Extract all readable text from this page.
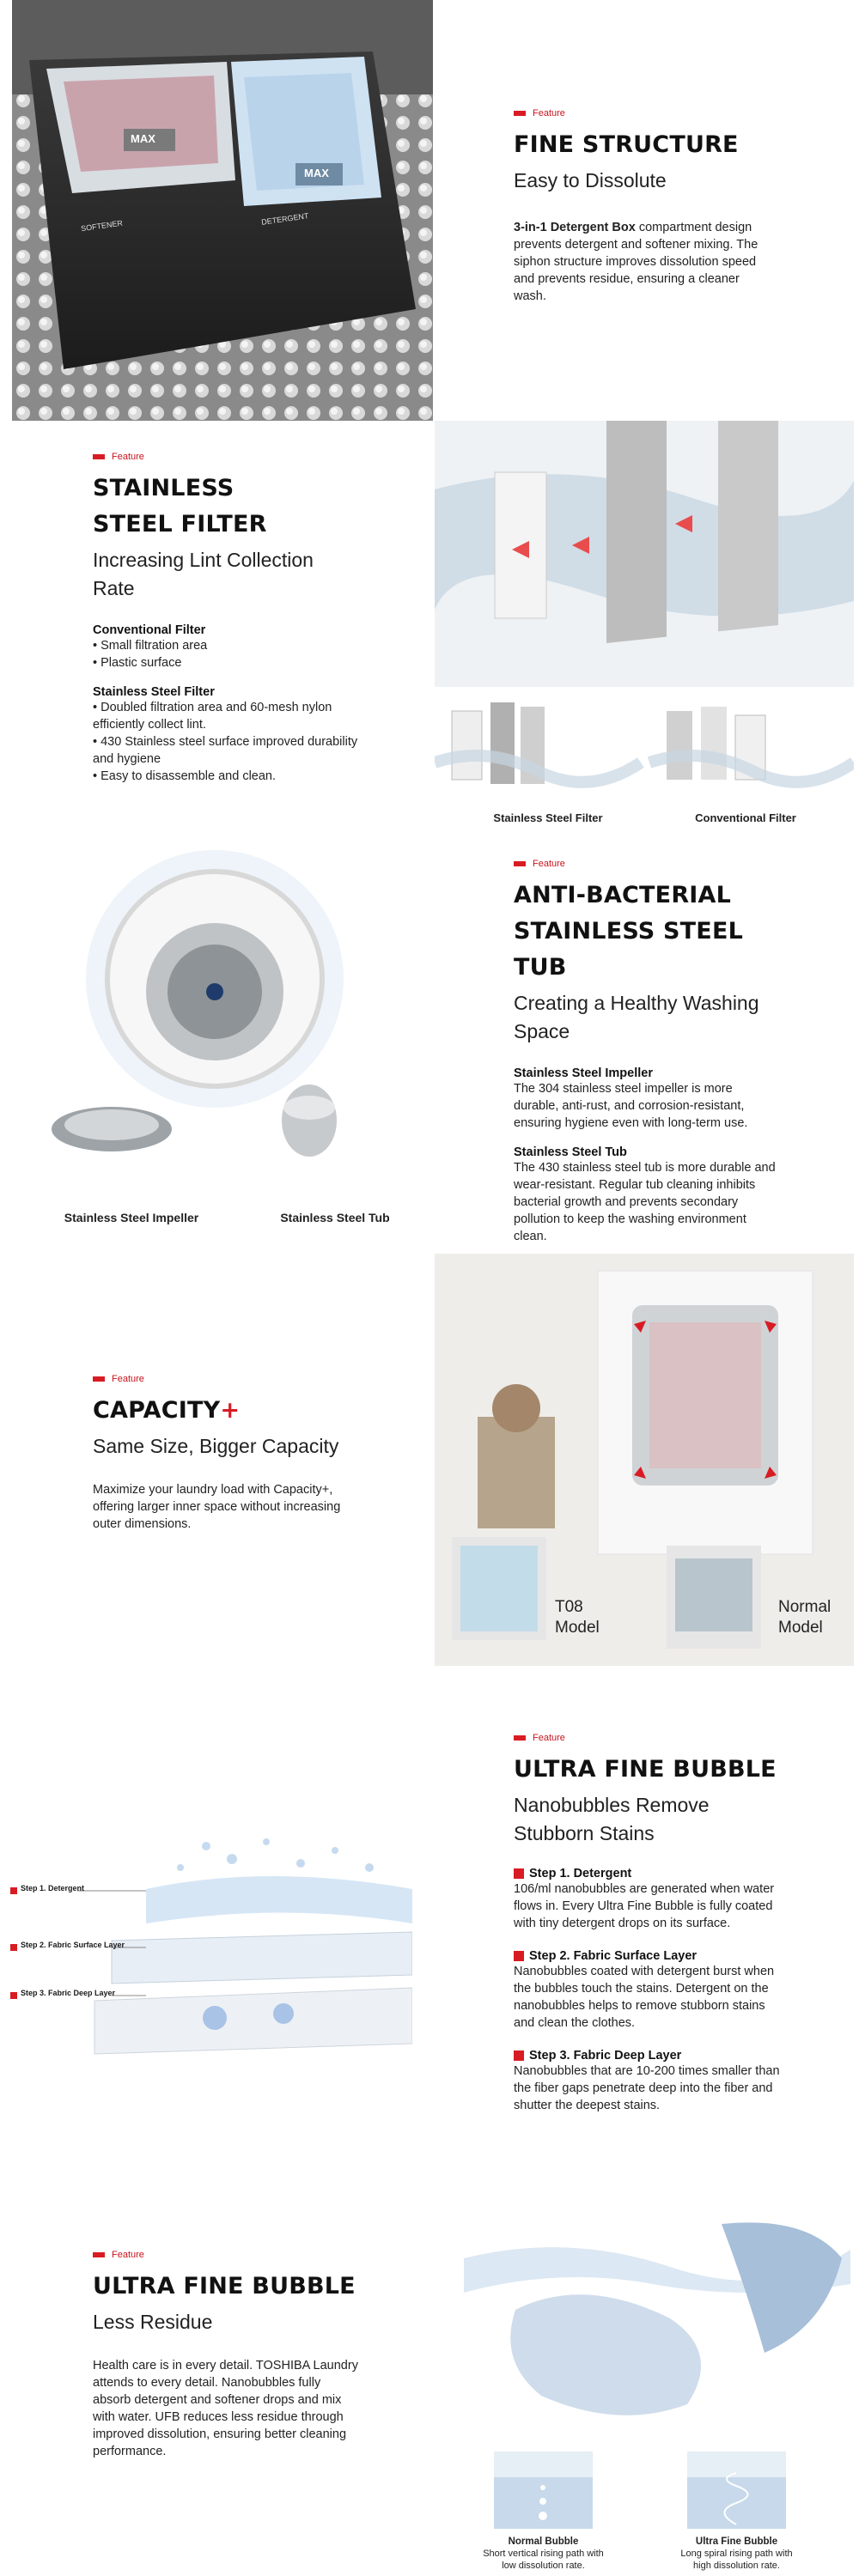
MAX
MAX
SOFTENER	DETERGENT
Feature
FINE STRUCTURE
Easy to Dissolute
3-in-1 Detergent Box compartment design prevents detergent and softener mixing. The siphon structure improves dissolution speed and prevents residue, ensuring a cleaner wash.
Feature
STAINLESS STEEL FILTER
Increasing Lint Collection Rate
Conventional Filter
• Small filtration area
• Plastic surface
Stainless Steel Filter
• Doubled filtration area and 60-mesh nylon efficiently collect lint.
• 430 Stainless steel surface improved durability and hygiene
• Easy to disassemble and clean.
Stainless Steel Filter	Conventional Filter
Stainless Steel Impeller	Stainless Steel Tub
Feature
ANTI-BACTERIAL STAINLESS STEEL TUB
Creating a Healthy Washing Space
Stainless Steel Impeller
The 304 stainless steel impeller is more durable, anti-rust, and corrosion-resistant, ensuring hygiene even with long-term use.
Stainless Steel Tub
The 430 stainless steel tub is more durable and wear-resistant. Regular tub cleaning inhibits bacterial growth and prevents secondary pollution to keep the washing environment clean.
Feature
CAPACITY+
Same Size, Bigger Capacity
Maximize your laundry load with Capacity+, offering larger inner space without increasing outer dimensions.
T08 Model
Normal Model
Step 1. Detergent
Step 2. Fabric Surface Layer
Step 3. Fabric Deep Layer
Feature
ULTRA FINE BUBBLE
Nanobubbles Remove Stubborn Stains
Step 1. Detergent
106/ml nanobubbles are generated when water flows in. Every Ultra Fine Bubble is fully coated with tiny detergent drops on its surface.
Step 2. Fabric Surface Layer
Nanobubbles coated with detergent burst when the bubbles touch the stains. Detergent on the nanobubbles helps to remove stubborn stains and clean the clothes.
Step 3. Fabric Deep Layer
Nanobubbles that are 10-200 times smaller than the fiber gaps penetrate deep into the fiber and shutter the deepest stains.
Feature
ULTRA FINE BUBBLE
Less Residue
Health care is in every detail. TOSHIBA Laundry attends to every detail. Nanobubbles fully absorb detergent and softener drops and mix with water. UFB reduces less residue through improved dissolution, ensuring better cleaning performance.
Normal Bubble
Short vertical rising path with low dissolution rate.
Ultra Fine Bubble
Long spiral rising path with high dissolution rate.
